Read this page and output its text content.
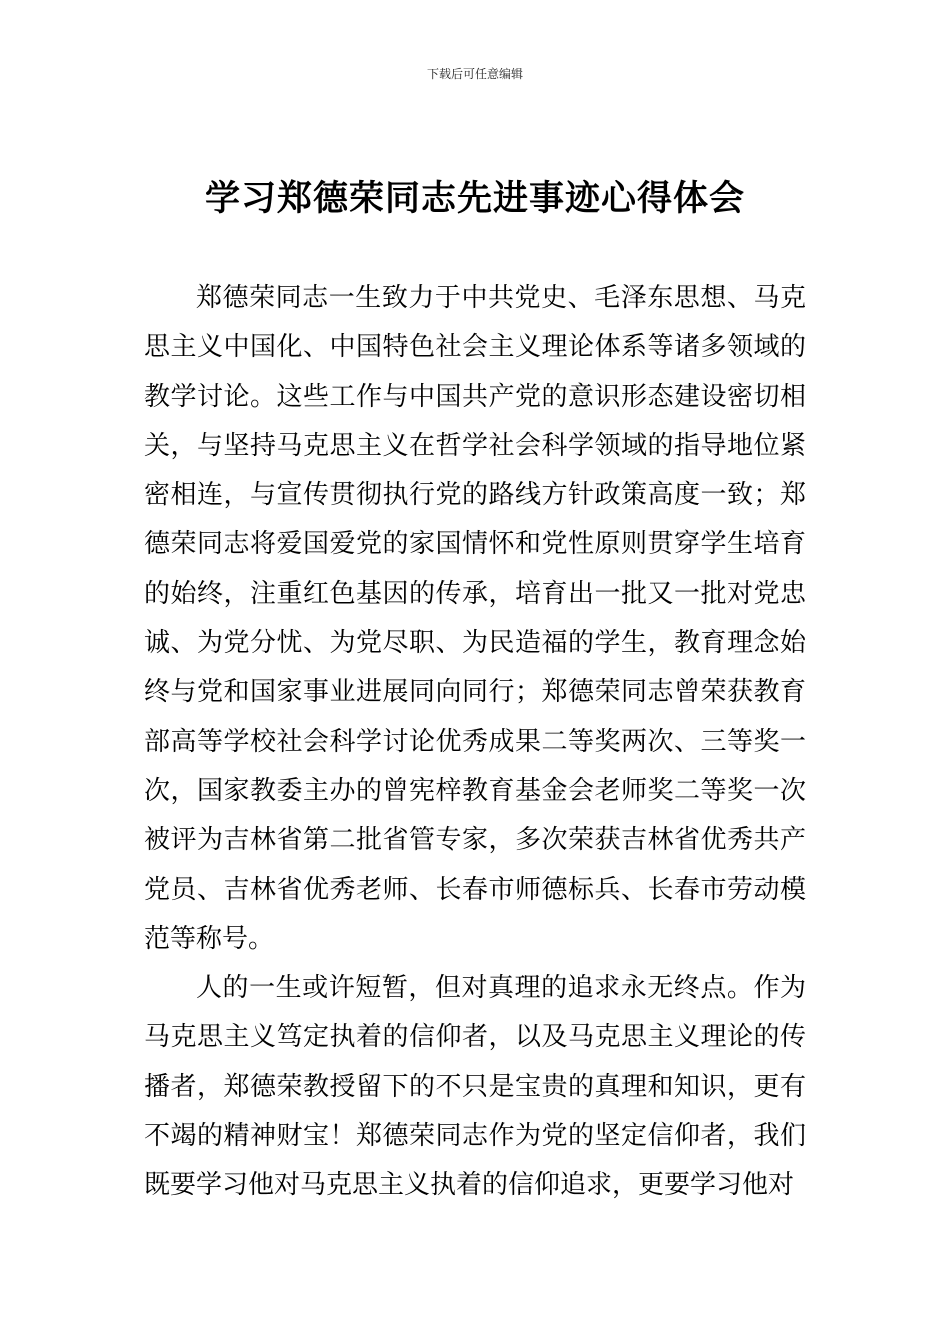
下载后可任意编辑
学习郑德荣同志先进事迹心得体会

郑德荣同志一生致力于中共党史、毛泽东思想、马克思主义中国化、中国特色社会主义理论体系等诸多领域的教学讨论。这些工作与中国共产党的意识形态建设密切相关，与坚持马克思主义在哲学社会科学领域的指导地位紧密相连，与宣传贯彻执行党的路线方针政策高度一致；郑德荣同志将爱国爱党的家国情怀和党性原则贯穿学生培育的始终，注重红色基因的传承，培育出一批又一批对党忠诚、为党分忧、为党尽职、为民造福的学生，教育理念始终与党和国家事业进展同向同行；郑德荣同志曾荣获教育部高等学校社会科学讨论优秀成果二等奖两次、三等奖一次，国家教委主办的曾宪梓教育基金会老师奖二等奖一次被评为吉林省第二批省管专家，多次荣获吉林省优秀共产党员、吉林省优秀老师、长春市师德标兵、长春市劳动模范等称号。

人的一生或许短暂，但对真理的追求永无终点。作为马克思主义笃定执着的信仰者，以及马克思主义理论的传播者，郑德荣教授留下的不只是宝贵的真理和知识，更有不竭的精神财宝！郑德荣同志作为党的坚定信仰者，我们既要学习他对马克思主义执着的信仰追求，更要学习他对
